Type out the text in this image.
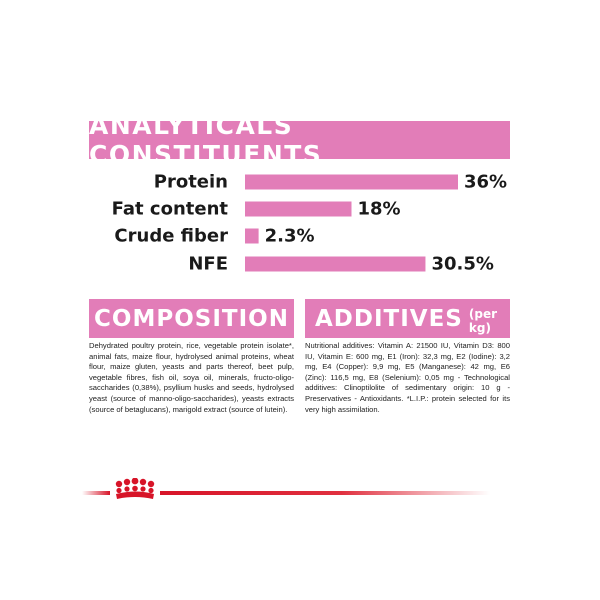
ANALYTICALS CONSTITUENTS
Protein	36%
Fat content	18%
Crude fiber 2.3%
NFE	30.5%
COMPOSITION ADDITIVES (per kg)
Dehydrated poultry protein, rice, vegetable protein isolate*, animal fats, maize flour, hydrolysed animal proteins, wheat flour, maize gluten, yeasts and parts thereof, beet pulp, vegetable fibres, fish oil, soya oil, minerals, fructo-oligo- saccharides (0,38%), psyllium husks and seeds, hydrolysed yeast (source of manno-oligo-saccharides), yeasts extracts (source of betaglucans), marigold extract (source of lutein).
Nutritional additives: Vitamin A: 21500 IU, Vitamin D3: 800 IU, Vitamin E: 600 mg, E1 (Iron): 32,3 mg, E2 (Iodine): 3,2 mg, E4 (Copper): 9,9 mg, E5 (Manganese): 42 mg, E6 (Zinc): 116,5 mg, E8 (Selenium): 0,05 mg - Technological additives: Clinoptilolite of sedimentary origin: 10 g - Preservatives - Antioxidants. *L.I.P.: protein selected for its very high assimilation.
